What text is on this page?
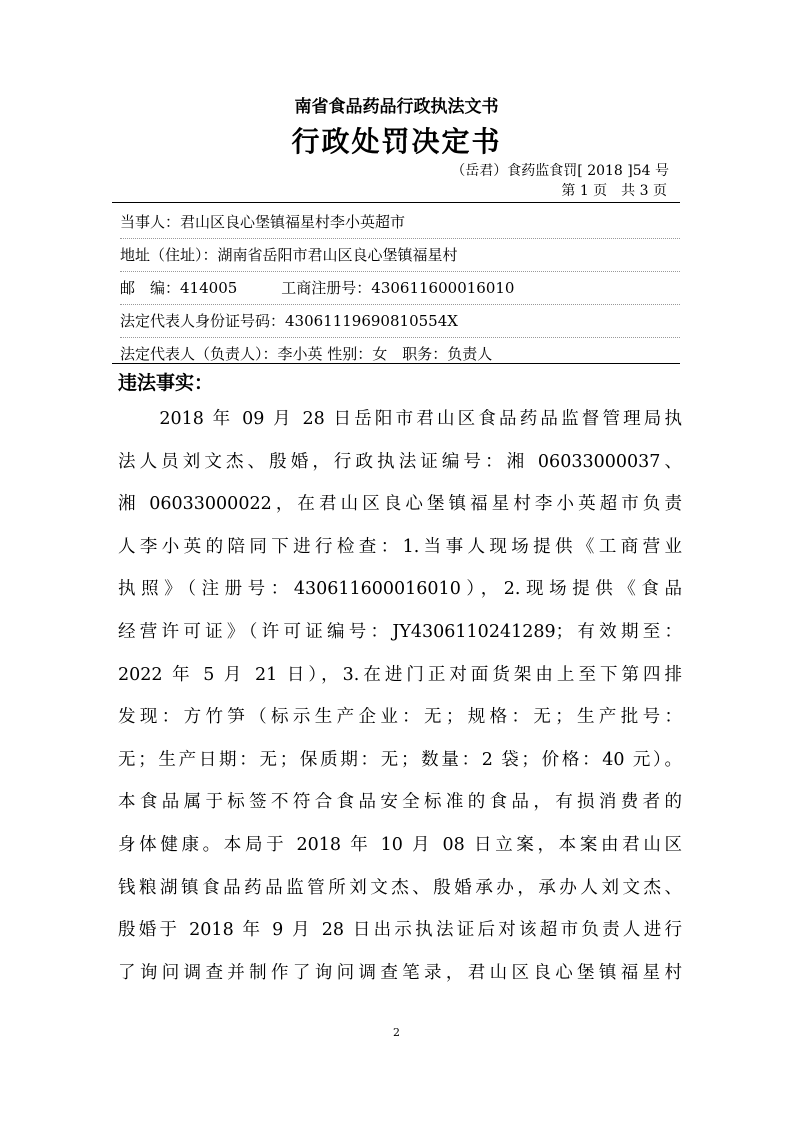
南省食品药品行政执法文书
行政处罚决定书
（岳君）食药监食罚[ 2018 ]54 号
第 1 页　共 3 页
当事人：君山区良心堡镇福星村李小英超市
地址（住址）：湖南省岳阳市君山区良心堡镇福星村
邮　编：414005	工商注册号：430611600016010
法定代表人身份证号码：43061119690810554X
法定代表人（负责人）：李小英 性别：女　职务：负责人
违法事实：
　　2018 年 09 月 28 日岳阳市君山区食品药品监督管理局执
法人员刘文杰、殷婚，行政执法证编号：湘 06033000037、
湘 06033000022，在君山区良心堡镇福星村李小英超市负责
人李小英的陪同下进行检查：1.当事人现场提供《工商营业
执照》（注册号：430611600016010），2.现场提供《食品
经营许可证》（许可证编号：JY4306110241289；有效期至：
2022 年 5 月 21 日），3.在进门正对面货架由上至下第四排
发现：方竹笋（标示生产企业：无；规格：无；生产批号：
无；生产日期：无；保质期：无；数量：2 袋；价格：40 元）。
本食品属于标签不符合食品安全标准的食品，有损消费者的
身体健康。本局于 2018 年 10 月 08 日立案，本案由君山区
钱粮湖镇食品药品监管所刘文杰、殷婚承办，承办人刘文杰、
殷婚于 2018 年 9 月 28 日出示执法证后对该超市负责人进行
了询问调查并制作了询问调查笔录，君山区良心堡镇福星村
2
